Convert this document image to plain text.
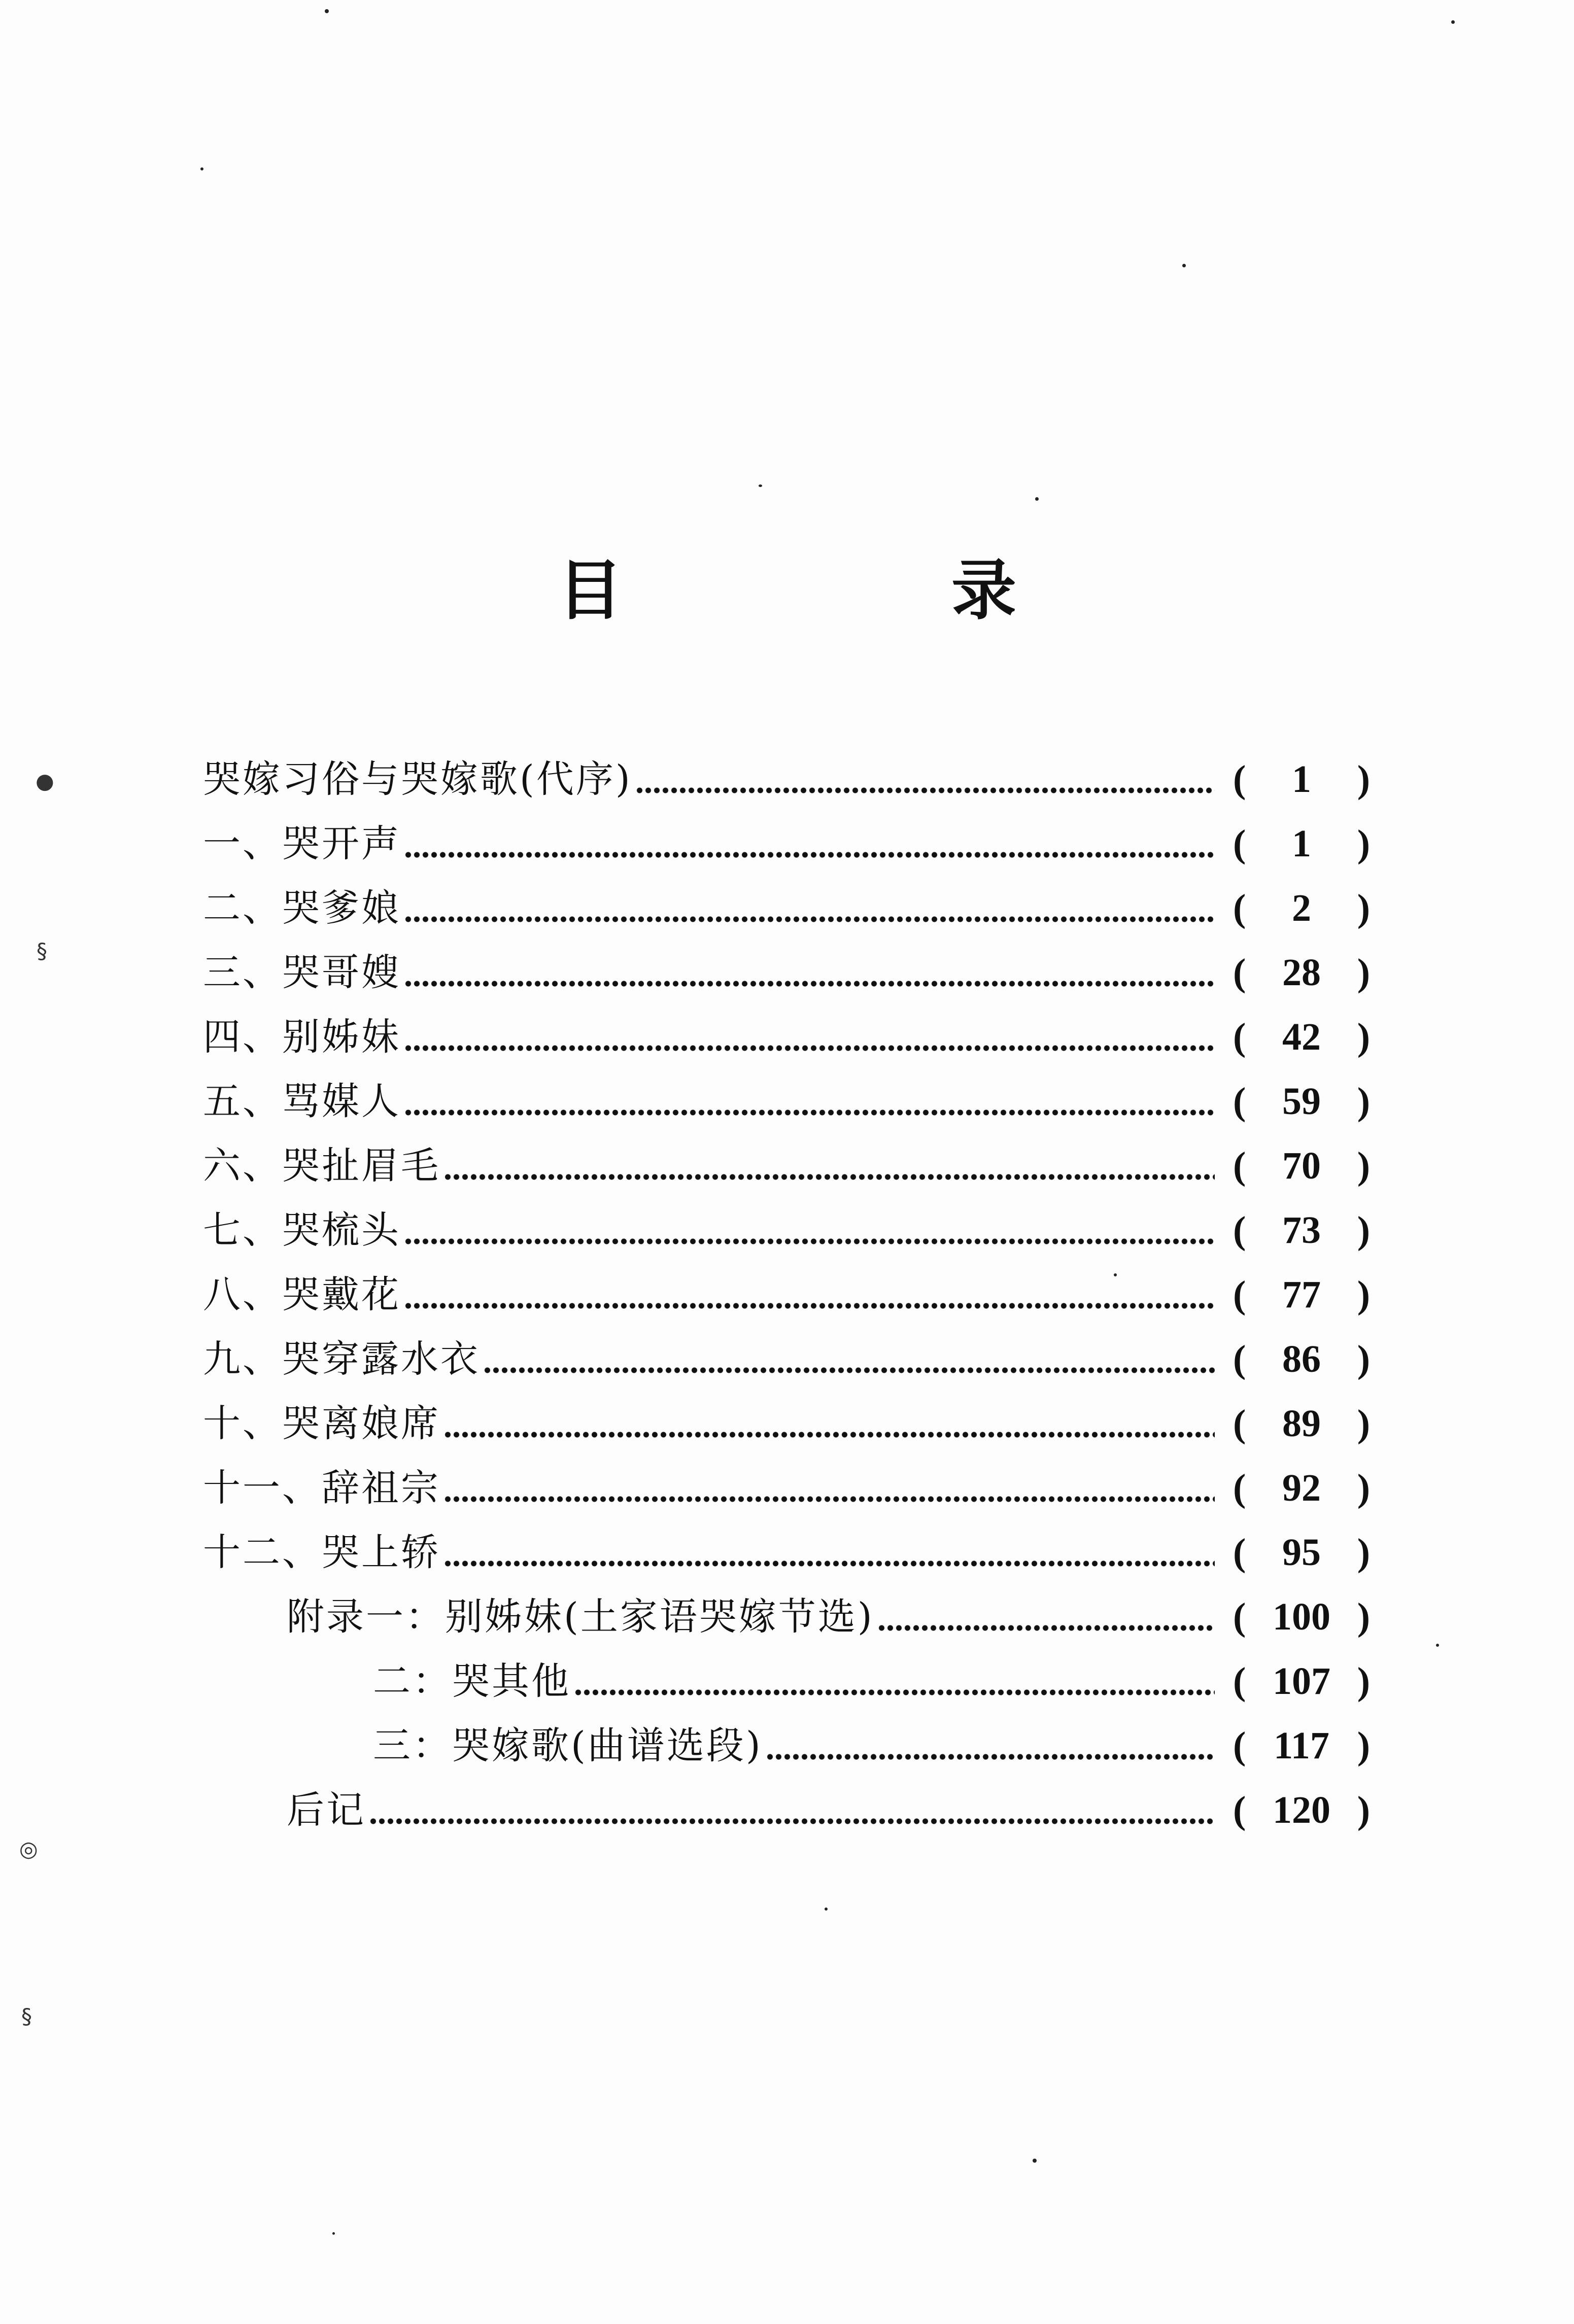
目　录
哭嫁习俗与哭嫁歌(代序)	(	1	)
一、哭开声	(	1	)
二、哭爹娘	(	2	)
三、哭哥嫂	( 28 )
四、别姊妹	( 42 )
五、骂媒人	( 59 )
六、哭扯眉毛	( 70 )
七、哭梳头	( 73 )
八、哭戴花	( 77 )
九、哭穿露水衣	( 86 )
十、哭离娘席	( 89 )
十一、辞祖宗	( 92 )
十二、哭上轿	( 95 )
附录一：别姊妹(土家语哭嫁节选)	( 100 )
二：哭其他	( 107 )
三：哭嫁歌(曲谱选段)	( 117 )
后记	( 120 )
●
§
◎
§
